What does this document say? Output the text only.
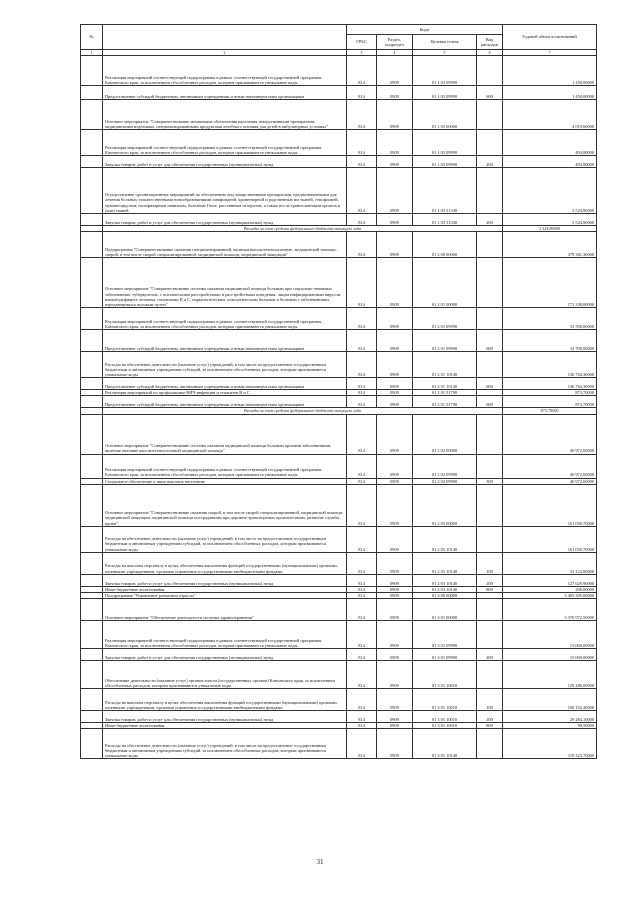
№		Коды				Годовой объем ассигнований
		ГРБС	Раздел, подраздел	Целевая статья	Вид расходов	
1	2	3	4	5	6	7
	Реализация мероприятий соответствующей подпрограммы в рамках соответствующей государственной программы Камчатского края, за исключением обособленных расходов, которым присваиваются уникальные коды	814	0909	01 1 03 09990		1 450,00000
	Предоставление субсидий бюджетным, автономным учреждениям и иным некоммерческим организациям	814	0909	01 1 03 09990	600	1 450,00000
	Основное мероприятие "Совершенствование механизмов обеспечения населения лекарственными препаратами, медицинскими изделиями, специализированными продуктами лечебного питания для детей в амбулаторных условиях"	814	0909	01 1 03 00000		4 019,60000
	Реализация мероприятий соответствующей подпрограммы в рамках соответствующей государственной программы Камчатского края, за исключением обособленных расходов, которым присваиваются уникальные коды	814	0909	01 1 03 09990		494,80000
	Закупка товаров, работ и услуг для обеспечения государственных (муниципальных) нужд	814	0909	01 1 03 09990	200	494,80000
	Осуществление организационных мероприятий по обеспечению лиц лекарственными препаратами, предназначенными для лечения больных злокачественными новообразованиями лимфоидной, кроветворной и родственных им тканей, гемофилией, муковисцидозом, гипофизарным нанизмом, болезнью Гоше, рассеянным склерозом, а также после трансплантации органов и (или) тканей	814	0909	01 1 03 51330		3 524,80000
	Закупка товаров, работ и услуг для обеспечения государственных (муниципальных) нужд	814	0909	01 1 03 51330	200	3 524,80000
	Расходы за счет средств федерального бюджета текущего года					3 524,80000
	Подпрограмма "Совершенствование оказания специализированной, включая высокотехнологичную, медицинской помощи, скорой, в том числе скорой специализированной, медицинской помощи, медицинской эвакуации"	814	0909	01 2 00 00000		379 361,30000
	Основное мероприятие "Совершенствование системы оказания медицинской помощи больным при социально-значимых заболеваниях: туберкулезом, с психическими расстройствами и расстройствами поведения, лицам инфицированным вирусом иммунодефицита человека, гепатитами В и С, наркологическим, онкологическим больным и больным с заболеваниями, передающимися половым путем"	814	0909	01 2 01 00000		171 338,00000
	Реализация мероприятий соответствующей подпрограммы в рамках соответствующей государственной программы Камчатского края, за исключением обособленных расходов, которым присваиваются уникальные коды	814	0909	01 2 01 09990		33 700,00000
	Предоставление субсидий бюджетным, автономным учреждениям и иным некоммерческим организациям	814	0909	01 2 01 09990	600	33 700,00000
	Расходы на обеспечение деятельности (оказание услуг) учреждений, в том числе на предоставление государственным бюджетным и автономным учреждениям субсидий, за исключением обособленных расходов, которым присваиваются уникальные коды	814	0909	01 2 01 10140		136 764,30000
	Предоставление субсидий бюджетным, автономным учреждениям и иным некоммерческим организациям	814	0909	01 2 01 10140	600	136 764,30000
	Реализация мероприятий по профилактике ВИЧ-инфекции и гепатитов В и С	814	0909	01 2 01 51790		873,70000
	Предоставление субсидий бюджетным, автономным учреждениям и иным некоммерческим организациям	814	0909	01 2 01 51790	600	873,70000
	Расходы за счет средств федерального бюджета текущего года					873,70000
	Основное мероприятие "Совершенствование системы оказания медицинской помощи больным прочими заболеваниями, включая оказание высокотехнологичной медицинской помощи"	814	0909	01 2 02 00000		46 972,60000
	Реализация мероприятий соответствующей подпрограммы в рамках соответствующей государственной программы Камчатского края, за исключением обособленных расходов, которым присваиваются уникальные коды	814	0909	01 2 02 09990		46 972,60000
	Социальное обеспечение и иные выплаты населению	814	0909	01 2 02 09990	300	46 972,60000
	Основное мероприятие "Совершенствование оказания скорой, в том числе скорой специализированной, медицинской помощи, медицинской эвакуации, медицинской помощи пострадавшим при дорожно-транспортных происшествиях, развитие службы крови"	814	0909	01 2 03 00000		161 050,70000
	Расходы на обеспечение деятельности (оказание услуг) учреждений, в том числе на предоставление государственным бюджетным и автономным учреждениям субсидий, за исключением обособленных расходов, которым присваиваются уникальные коды	814	0909	01 2 03 10140		161 050,70000
	Расходы на выплаты персоналу в целях обеспечения выполнения функций государственными (муниципальными) органами, казенными учреждениями, органами управления государственными внебюджетными фондами	814	0909	01 2 03 10140	100	33 124,80000
	Закупка товаров, работ и услуг для обеспечения государственных (муниципальных) нужд	814	0909	01 2 03 10140	200	127 629,90000
	Иные бюджетные ассигнования	814	0909	01 2 03 10140	800	296,00000
	Подпрограмма "Управление развитием отрасли"	814	0909	01 3 00 00000		3 465 395,00000
	Основное мероприятие "Обеспечение деятельности системы здравоохранения"	814	0909	01 3 01 00000		3 370 972,50000
	Реализация мероприятий соответствующей подпрограммы в рамках соответствующей государственной программы Камчатского края, за исключением обособленных расходов, которым присваиваются уникальные коды	814	0909	01 3 01 09990		15 000,00000
	Закупка товаров, работ и услуг для обеспечения государственных (муниципальных) нужд	814	0909	01 3 01 09990	200	15 000,00000
	Обеспечение деятельности (оказание услуг) органов власти (государственных органов) Камчатского края, за исключением обособленных расходов, которым присваиваются уникальные коды	814	0909	01 3 01 10010		129 486,00000
	Расходы на выплаты персоналу в целях обеспечения выполнения функций государственными (муниципальными) органами, казенными учреждениями, органами управления государственными внебюджетными фондами	814	0909	01 3 01 10010	100	100 102,40000
	Закупка товаров, работ и услуг для обеспечения государственных (муниципальных) нужд	814	0909	01 3 01 10010	200	29 284,10000
	Иные бюджетные ассигнования	814	0909	01 3 01 10010	800	99,50000
	Расходы на обеспечение деятельности (оказание услуг) учреждений, в том числе на предоставление государственным бюджетным и автономным учреждениям субсидий, за исключением обособленных расходов, которым присваиваются уникальные коды	814	0909	01 3 01 10140		119 323,70000
31
